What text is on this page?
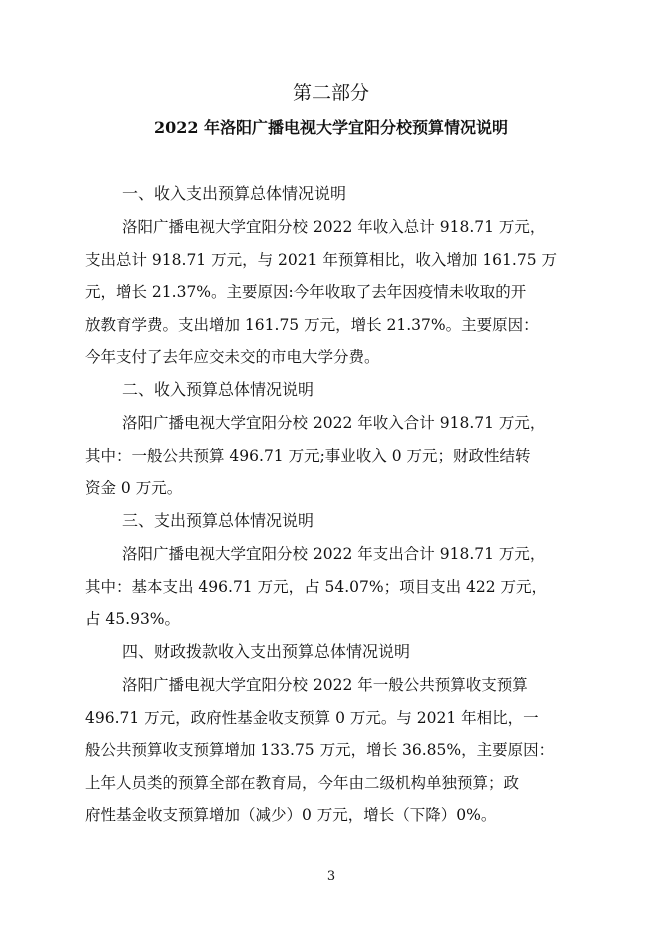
第二部分
2022 年洛阳广播电视大学宜阳分校预算情况说明
一、收入支出预算总体情况说明
洛阳广播电视大学宜阳分校 2022 年收入总计 918.71 万元，
支出总计 918.71 万元，与 2021 年预算相比，收入增加 161.75 万
元，增长 21.37%。主要原因:今年收取了去年因疫情未收取的开
放教育学费。支出增加 161.75 万元，增长 21.37%。主要原因：
今年支付了去年应交未交的市电大学分费。
二、收入预算总体情况说明
洛阳广播电视大学宜阳分校 2022 年收入合计 918.71 万元，
其中：一般公共预算 496.71 万元;事业收入 0 万元；财政性结转
资金 0 万元。
三、支出预算总体情况说明
洛阳广播电视大学宜阳分校 2022 年支出合计 918.71 万元，
其中：基本支出 496.71 万元，占 54.07%；项目支出 422 万元，
占 45.93%。
四、财政拨款收入支出预算总体情况说明
洛阳广播电视大学宜阳分校 2022 年一般公共预算收支预算
496.71 万元，政府性基金收支预算 0 万元。与 2021 年相比，一
般公共预算收支预算增加 133.75 万元，增长 36.85%，主要原因：
上年人员类的预算全部在教育局，今年由二级机构单独预算；政
府性基金收支预算增加（减少）0 万元，增长（下降）0%。
3
